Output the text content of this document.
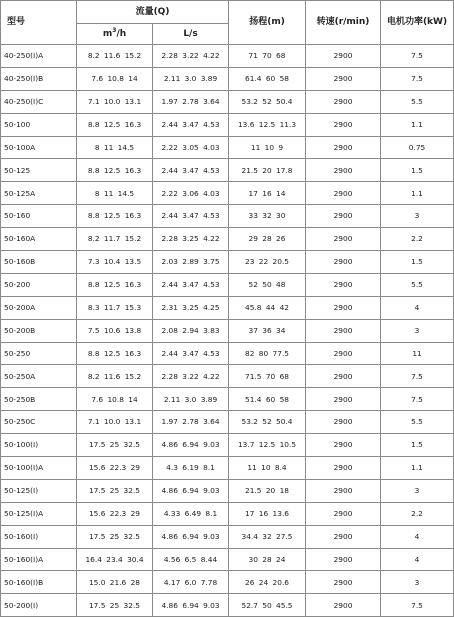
型号	流量(Q)		扬程(m)	转速(r/min)	电机功率(kW)
	$m^3/h$	L/s			
40-250(I)A	8.2 11.6 15.2	2.28 3.22 4.22	71 70 68	2900	7.5
40-250(I)B	7.6 10.8 14	2.11 3.0 3.89	61.4 60 58	2900	7.5
40-250(I)C	7.1 10.0 13.1	1.97 2.78 3.64	53.2 52 50.4	2900	5.5
50-100	8.8 12.5 16.3	2.44 3.47 4.53	13.6 12.5 11.3	2900	1.1
50-100A	8 11 14.5	2.22 3.05 4.03	11 10 9	2900	0.75
50-125	8.8 12.5 16.3	2.44 3.47 4.53	21.5 20 17.8	2900	1.5
50-125A	8 11 14.5	2.22 3.06 4.03	17 16 14	2900	1.1
50-160	8.8 12.5 16.3	2.44 3.47 4.53	33 32 30	2900	3
50-160A	8.2 11.7 15.2	2.28 3.25 4.22	29 28 26	2900	2.2
50-160B	7.3 10.4 13.5	2.03 2.89 3.75	23 22 20.5	2900	1.5
50-200	8.8 12.5 16.3	2.44 3.47 4.53	52 50 48	2900	5.5
50-200A	8.3 11.7 15.3	2.31 3.25 4.25	45.8 44 42	2900	4
50-200B	7.5 10.6 13.8	2.08 2.94 3.83	37 36 34	2900	3
50-250	8.8 12.5 16.3	2.44 3.47 4.53	82 80 77.5	2900	11
50-250A	8.2 11.6 15.2	2.28 3.22 4.22	71.5 70 68	2900	7.5
50-250B	7.6 10.8 14	2.11 3.0 3.89	51.4 60 58	2900	7.5
50-250C	7.1 10.0 13.1	1.97 2.78 3.64	53.2 52 50.4	2900	5.5
50-100(I)	17.5 25 32.5	4.86 6.94 9.03	13.7 12.5 10.5	2900	1.5
50-100(I)A	15.6 22.3 29	4.3 6.19 8.1	11 10 8.4	2900	1.1
50-125(I)	17.5 25 32.5	4.86 6.94 9.03	21.5 20 18	2900	3
50-125(I)A	15.6 22.3 29	4.33 6.49 8.1	17 16 13.6	2900	2.2
50-160(I)	17.5 25 32.5	4.86 6.94 9.03	34.4 32 27.5	2900	4
50-160(I)A	16.4 23.4 30.4	4.56 6.5 8.44	30 28 24	2900	4
50-160(I)B	15.0 21.6 28	4.17 6.0 7.78	26 24 20.6	2900	3
50-200(I)	17.5 25 32.5	4.86 6.94 9.03	52.7 50 45.5	2900	7.5
